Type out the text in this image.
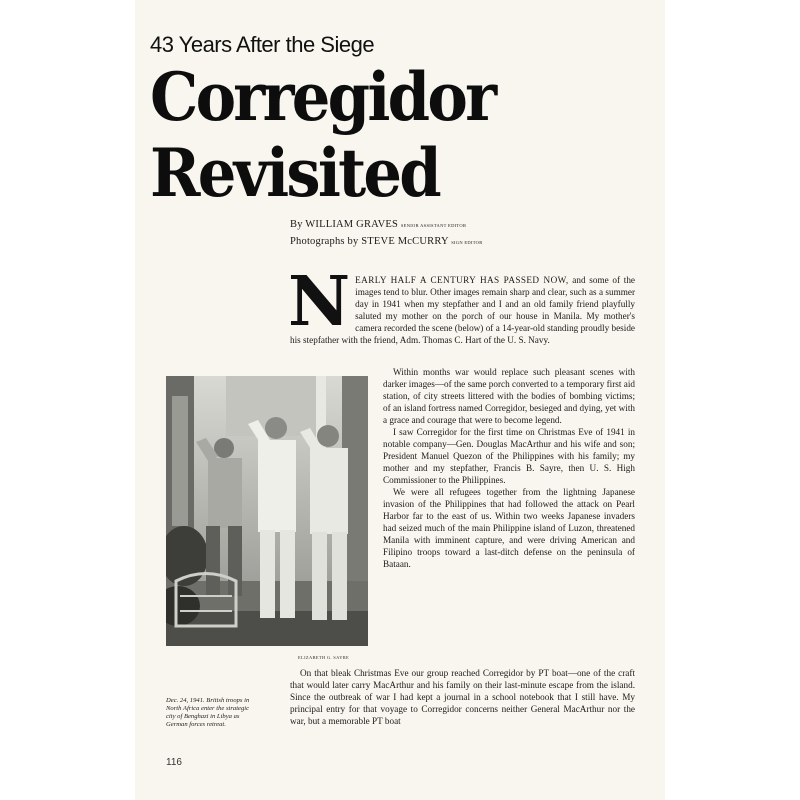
43 Years After the Siege
Corregidor
Revisited
By WILLIAM GRAVES SENIOR ASSISTANT EDITOR
Photographs by STEVE McCURRY SIGN EDITOR
NEARLY HALF A CENTURY HAS PASSED NOW, and some of the images tend to blur. Other images remain sharp and clear, such as a summer day in 1941 when my stepfather and I and an old family friend playfully saluted my mother on the porch of our house in Manila. My mother's camera recorded the scene (below) of a 14-year-old standing proudly beside his stepfather with the friend, Adm. Thomas C. Hart of the U. S. Navy.

Within months war would replace such pleasant scenes with darker images—of the same porch converted to a temporary first aid station, of city streets littered with the bodies of bombing victims; of an island fortress named Corregidor, besieged and dying, yet with a grace and courage that were to become legend.

I saw Corregidor for the first time on Christmas Eve of 1941 in notable company—Gen. Douglas MacArthur and his wife and son; President Manuel Quezon of the Philippines with his family; my mother and my stepfather, Francis B. Sayre, then U. S. High Commissioner to the Philippines.

We were all refugees together from the lightning Japanese invasion of the Philippines that had followed the attack on Pearl Harbor far to the east of us. Within two weeks Japanese invaders had seized much of the main Philippine island of Luzon, threatened Manila with imminent capture, and were driving American and Filipino troops toward a last-ditch defense on the peninsula of Bataan.

On that bleak Christmas Eve our group reached Corregidor by PT boat—one of the craft that would later carry MacArthur and his family on their last-minute escape from the island. Since the outbreak of war I had kept a journal in a school notebook that I still have. My principal entry for that voyage to Corregidor concerns neither General MacArthur nor the war, but a memorable PT boat

ELIZABETH G. SAYRE
Dec. 24, 1941. British troops in North Africa enter the strategic city of Benghazi in Libya as German forces retreat.
116
